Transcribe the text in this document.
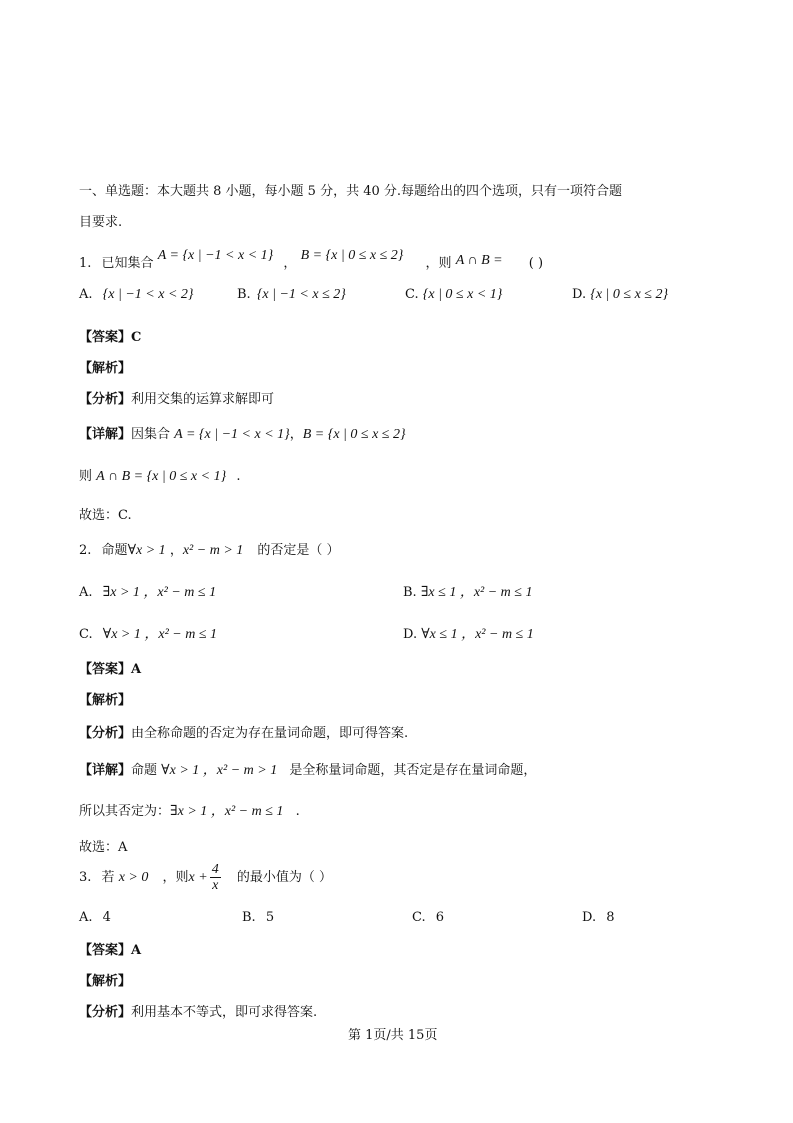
一、单选题：本大题共 8 小题，每小题 5 分，共 40 分.每题给出的四个选项，只有一项符合题
目要求.
1. 已知集合 A = {x | −1 < x < 1} ， B = {x | 0 ≤ x ≤ 2} ，则 A ∩ B = ( )
A. {x | −1 < x < 2}	B. {x | −1 < x ≤ 2}	C. {x | 0 ≤ x < 1}	D. {x | 0 ≤ x ≤ 2}
【答案】C
【解析】
【分析】利用交集的运算求解即可
【详解】因集合 A = {x | −1 < x < 1}，B = {x | 0 ≤ x ≤ 2}
则 A ∩ B = {x | 0 ≤ x < 1} .
故选：C.
2. 命题∀x > 1 ，x² − m > 1 的否定是（ ）
A. ∃x > 1 ，x² − m ≤ 1	B. ∃x ≤ 1 ，x² − m ≤ 1
C. ∀x > 1 ，x² − m ≤ 1	D. ∀x ≤ 1 ，x² − m ≤ 1
【答案】A
【解析】
【分析】由全称命题的否定为存在量词命题，即可得答案.
【详解】命题 ∀x > 1 ，x² − m > 1 是全称量词命题，其否定是存在量词命题，
所以其否定为：∃x > 1 ，x² − m ≤ 1 .
故选：A
3. 若 x > 0 ，则$x + \frac{4}{x}$ 的最小值为（ ）
A. 4	B. 5	C. 6	D. 8
【答案】A
【解析】
【分析】利用基本不等式，即可求得答案.
第 1页/共 15页
